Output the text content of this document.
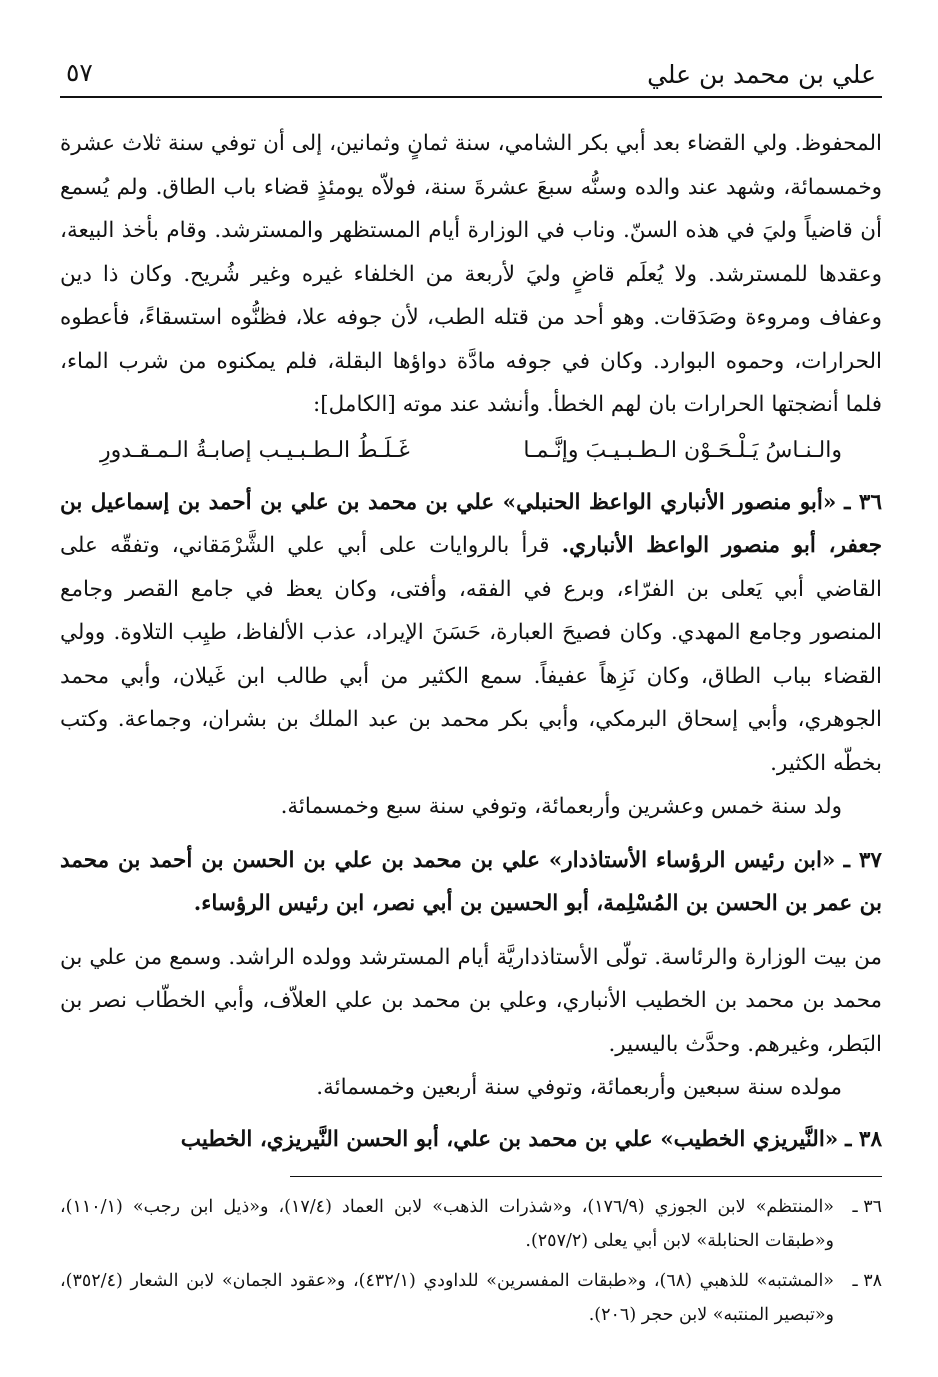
علي بن محمد بن علي
٥٧

المحفوظ. ولي القضاء بعد أبي بكر الشامي، سنة ثمانٍ وثمانين، إلى أن توفي سنة ثلاث عشرة وخمسمائة، وشهد عند والده وسنُّه سبعَ عشرةَ سنة، فولاّه يومئذٍ قضاء باب الطاق. ولم يُسمع أن قاضياً وليَ في هذه السنّ. وناب في الوزارة أيام المستظهر والمسترشد. وقام بأخذ البيعة، وعقدها للمسترشد. ولا يُعلَم قاضٍ وليَ لأربعة من الخلفاء غيره وغير شُريح. وكان ذا دين وعفاف ومروءة وصَدَقات. وهو أحد من قتله الطب، لأن جوفه علا، فظنُّوه استسقاءً، فأعطوه الحرارات، وحموه البوارد. وكان في جوفه مادَّة دواؤها البقلة، فلم يمكنوه من شرب الماء، فلما أنضجتها الحرارات بان لهم الخطأ. وأنشد عند موته [الكامل]:

والـنـاسُ يَـلْـحَـوْن الـطـبـيـبَ وإنَّـمـا
غَـلَـطُ الـطـبـيـب إصابـةُ الـمـقـدورِ

٣٦ ـ «أبو منصور الأنباري الواعظ الحنبلي» علي بن محمد بن علي بن أحمد بن إسماعيل بن جعفر، أبو منصور الواعظ الأنباري. قرأ بالروايات على أبي علي الشَّرْمَقاني، وتفقّه على القاضي أبي يَعلى بن الفرّاء، وبرع في الفقه، وأفتى، وكان يعظ في جامع القصر وجامع المنصور وجامع المهدي. وكان فصيحَ العبارة، حَسَنَ الإيراد، عذب الألفاظ، طيِب التلاوة. وولي القضاء بباب الطاق، وكان نَزِهاً عفيفاً. سمع الكثير من أبي طالب ابن غَيلان، وأبي محمد الجوهري، وأبي إسحاق البرمكي، وأبي بكر محمد بن عبد الملك بن بشران، وجماعة. وكتب بخطّه الكثير.

ولد سنة خمس وعشرين وأربعمائة، وتوفي سنة سبع وخمسمائة.

٣٧ ـ «ابن رئيس الرؤساء الأستاذدار» علي بن محمد بن علي بن الحسن بن أحمد بن محمد بن عمر بن الحسن بن المُسْلِمة، أبو الحسين بن أبي نصر، ابن رئيس الرؤساء.

من بيت الوزارة والرئاسة. تولّى الأستاذداريَّة أيام المسترشد وولده الراشد. وسمع من علي بن محمد بن محمد بن الخطيب الأنباري، وعلي بن محمد بن علي العلاّف، وأبي الخطّاب نصر بن البَطر، وغيرهم. وحدَّث باليسير.

مولده سنة سبعين وأربعمائة، وتوفي سنة أربعين وخمسمائة.

٣٨ ـ «النَّيريزي الخطيب» علي بن محمد بن علي، أبو الحسن النَّيريزي، الخطيب

٣٦ ـ
«المنتظم» لابن الجوزي (١٧٦/٩)، و«شذرات الذهب» لابن العماد (١٧/٤)، و«ذيل ابن رجب» (١١٠/١)، و«طبقات الحنابلة» لابن أبي يعلى (٢٥٧/٢).
٣٨ ـ
«المشتبه» للذهبي (٦٨)، و«طبقات المفسرين» للداودي (٤٣٢/١)، و«عقود الجمان» لابن الشعار (٣٥٢/٤)، و«تبصير المنتبه» لابن حجر (٢٠٦).
